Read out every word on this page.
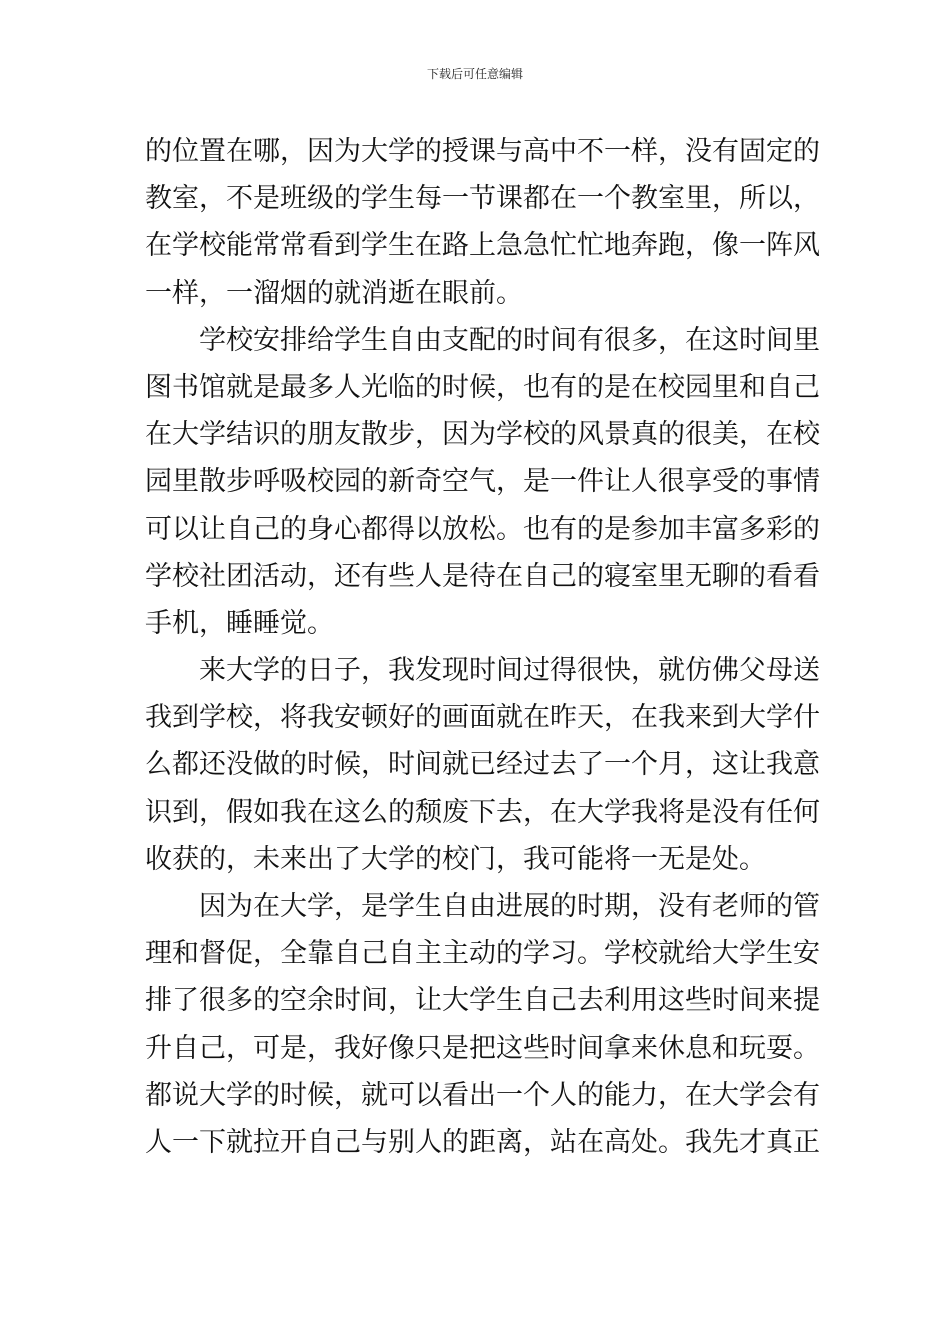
下载后可任意编辑
的位置在哪，因为大学的授课与高中不一样，没有固定的
教室，不是班级的学生每一节课都在一个教室里，所以，
在学校能常常看到学生在路上急急忙忙地奔跑，像一阵风
一样，一溜烟的就消逝在眼前。
　　学校安排给学生自由支配的时间有很多，在这时间里
图书馆就是最多人光临的时候，也有的是在校园里和自己
在大学结识的朋友散步，因为学校的风景真的很美，在校
园里散步呼吸校园的新奇空气，是一件让人很享受的事情
可以让自己的身心都得以放松。也有的是参加丰富多彩的
学校社团活动，还有些人是待在自己的寝室里无聊的看看
手机，睡睡觉。
　　来大学的日子，我发现时间过得很快，就仿佛父母送
我到学校，将我安顿好的画面就在昨天，在我来到大学什
么都还没做的时候，时间就已经过去了一个月，这让我意
识到，假如我在这么的颓废下去，在大学我将是没有任何
收获的，未来出了大学的校门，我可能将一无是处。
　　因为在大学，是学生自由进展的时期，没有老师的管
理和督促，全靠自己自主主动的学习。学校就给大学生安
排了很多的空余时间，让大学生自己去利用这些时间来提
升自己，可是，我好像只是把这些时间拿来休息和玩耍。
都说大学的时候，就可以看出一个人的能力，在大学会有
人一下就拉开自己与别人的距离，站在高处。我先才真正
